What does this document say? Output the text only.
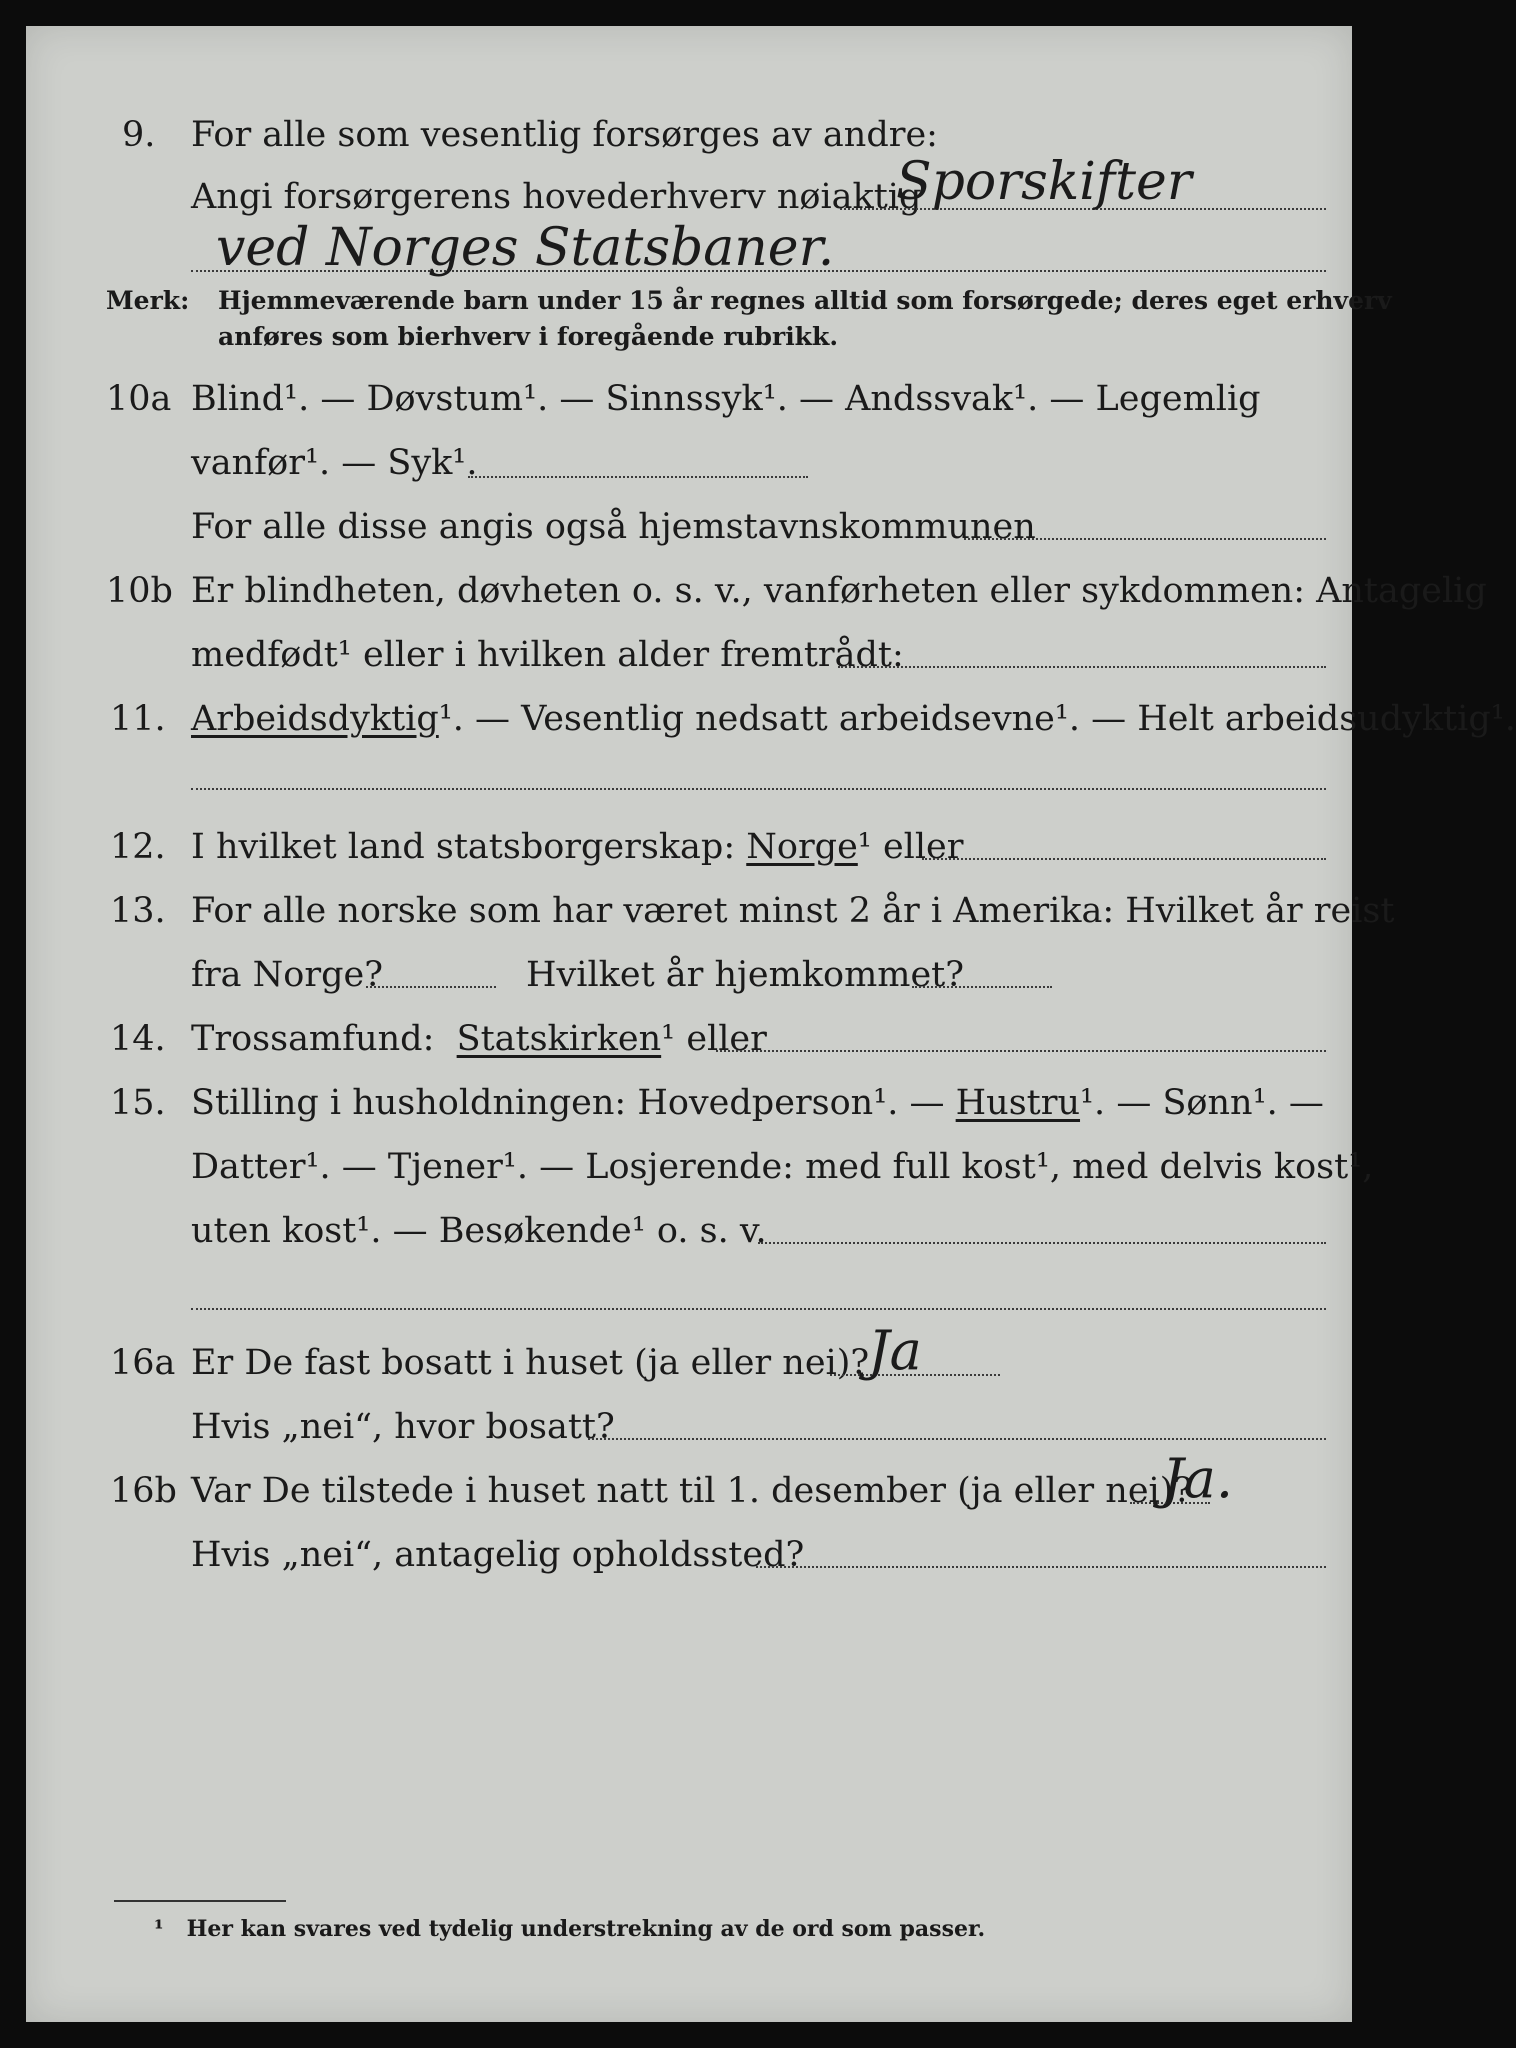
9. For alle som vesentlig forsørges av andre:
Angi forsørgerens hovederhverv nøiaktig
Sporskifter
ved Norges Statsbaner.
Merk: Hjemmeværende barn under 15 år regnes alltid som forsørgede; deres eget erhverv
anføres som bierhverv i foregående rubrikk.
10a Blind¹. — Døvstum¹. — Sinnssyk¹. — Andssvak¹. — Legemlig
vanfør¹. — Syk¹.
For alle disse angis også hjemstavnskommunen
10b Er blindheten, døvheten o. s. v., vanførheten eller sykdommen: Antagelig
medfødt¹ eller i hvilken alder fremtrådt:
11. Arbeidsdyktig¹. — Vesentlig nedsatt arbeidsevne¹. — Helt arbeidsudyktig¹.
12. I hvilket land statsborgerskap: Norge¹ eller
13. For alle norske som har været minst 2 år i Amerika: Hvilket år reist
fra Norge?	Hvilket år hjemkommet?
14. Trossamfund: Statskirken¹ eller
15. Stilling i husholdningen: Hovedperson¹. — Hustru¹. — Sønn¹. —
Datter¹. — Tjener¹. — Losjerende: med full kost¹, med delvis kost¹,
uten kost¹. — Besøkende¹ o. s. v.
16a Er De fast bosatt i huset (ja eller nei)?
Ja
Hvis „nei“, hvor bosatt?
16b Var De tilstede i huset natt til 1. desember (ja eller nei)?
Ja.
Hvis „nei“, antagelig opholdssted?
¹ Her kan svares ved tydelig understrekning av de ord som passer.
